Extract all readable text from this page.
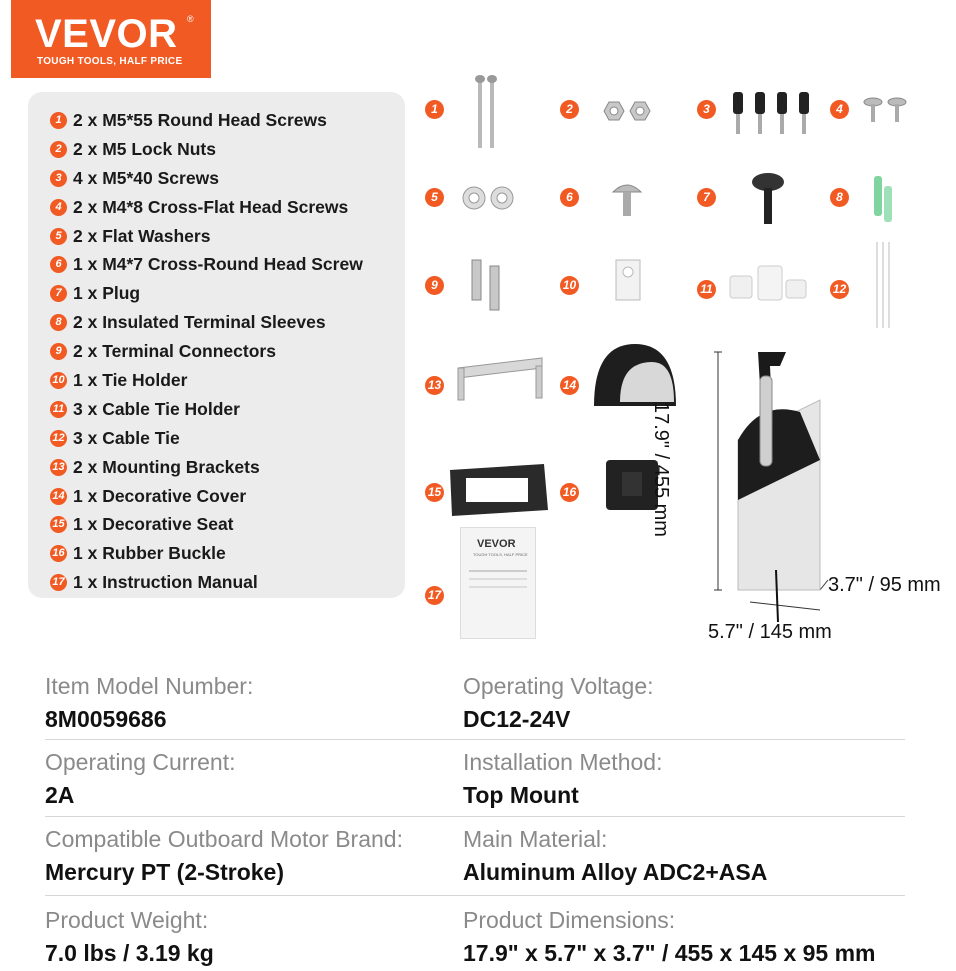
VEVOR ®
TOUGH TOOLS, HALF PRICE
1 2 x M5*55 Round Head Screws
2 2 x M5 Lock Nuts
3 4 x M5*40 Screws
4 2 x M4*8 Cross-Flat Head Screws
5 2 x Flat Washers
6 1 x M4*7 Cross-Round Head Screw
7 1 x Plug
8 2 x Insulated Terminal Sleeves
9 2 x Terminal Connectors
10 1 x Tie Holder
11 3 x Cable Tie Holder
12 3 x Cable Tie
13 2 x Mounting Brackets
14 1 x Decorative Cover
15 1 x Decorative Seat
16 1 x Rubber Buckle
17 1 x Instruction Manual
1	2	3	4
5	6	7	8
9	10	11	12
13	14
15	16
17
VEVOR
TOUGH TOOLS, HALF PRICE
17.9" / 455 mm
3.7" / 95 mm
5.7" / 145 mm
Item Model Number:
8M0059686
Operating Voltage:
DC12-24V
Operating Current:
2A
Installation Method:
Top Mount
Compatible Outboard Motor Brand:
Mercury PT (2-Stroke)
Main Material:
Aluminum Alloy ADC2+ASA
Product Weight:
7.0 lbs / 3.19 kg
Product Dimensions:
17.9" x 5.7" x 3.7" / 455 x 145 x 95 mm
